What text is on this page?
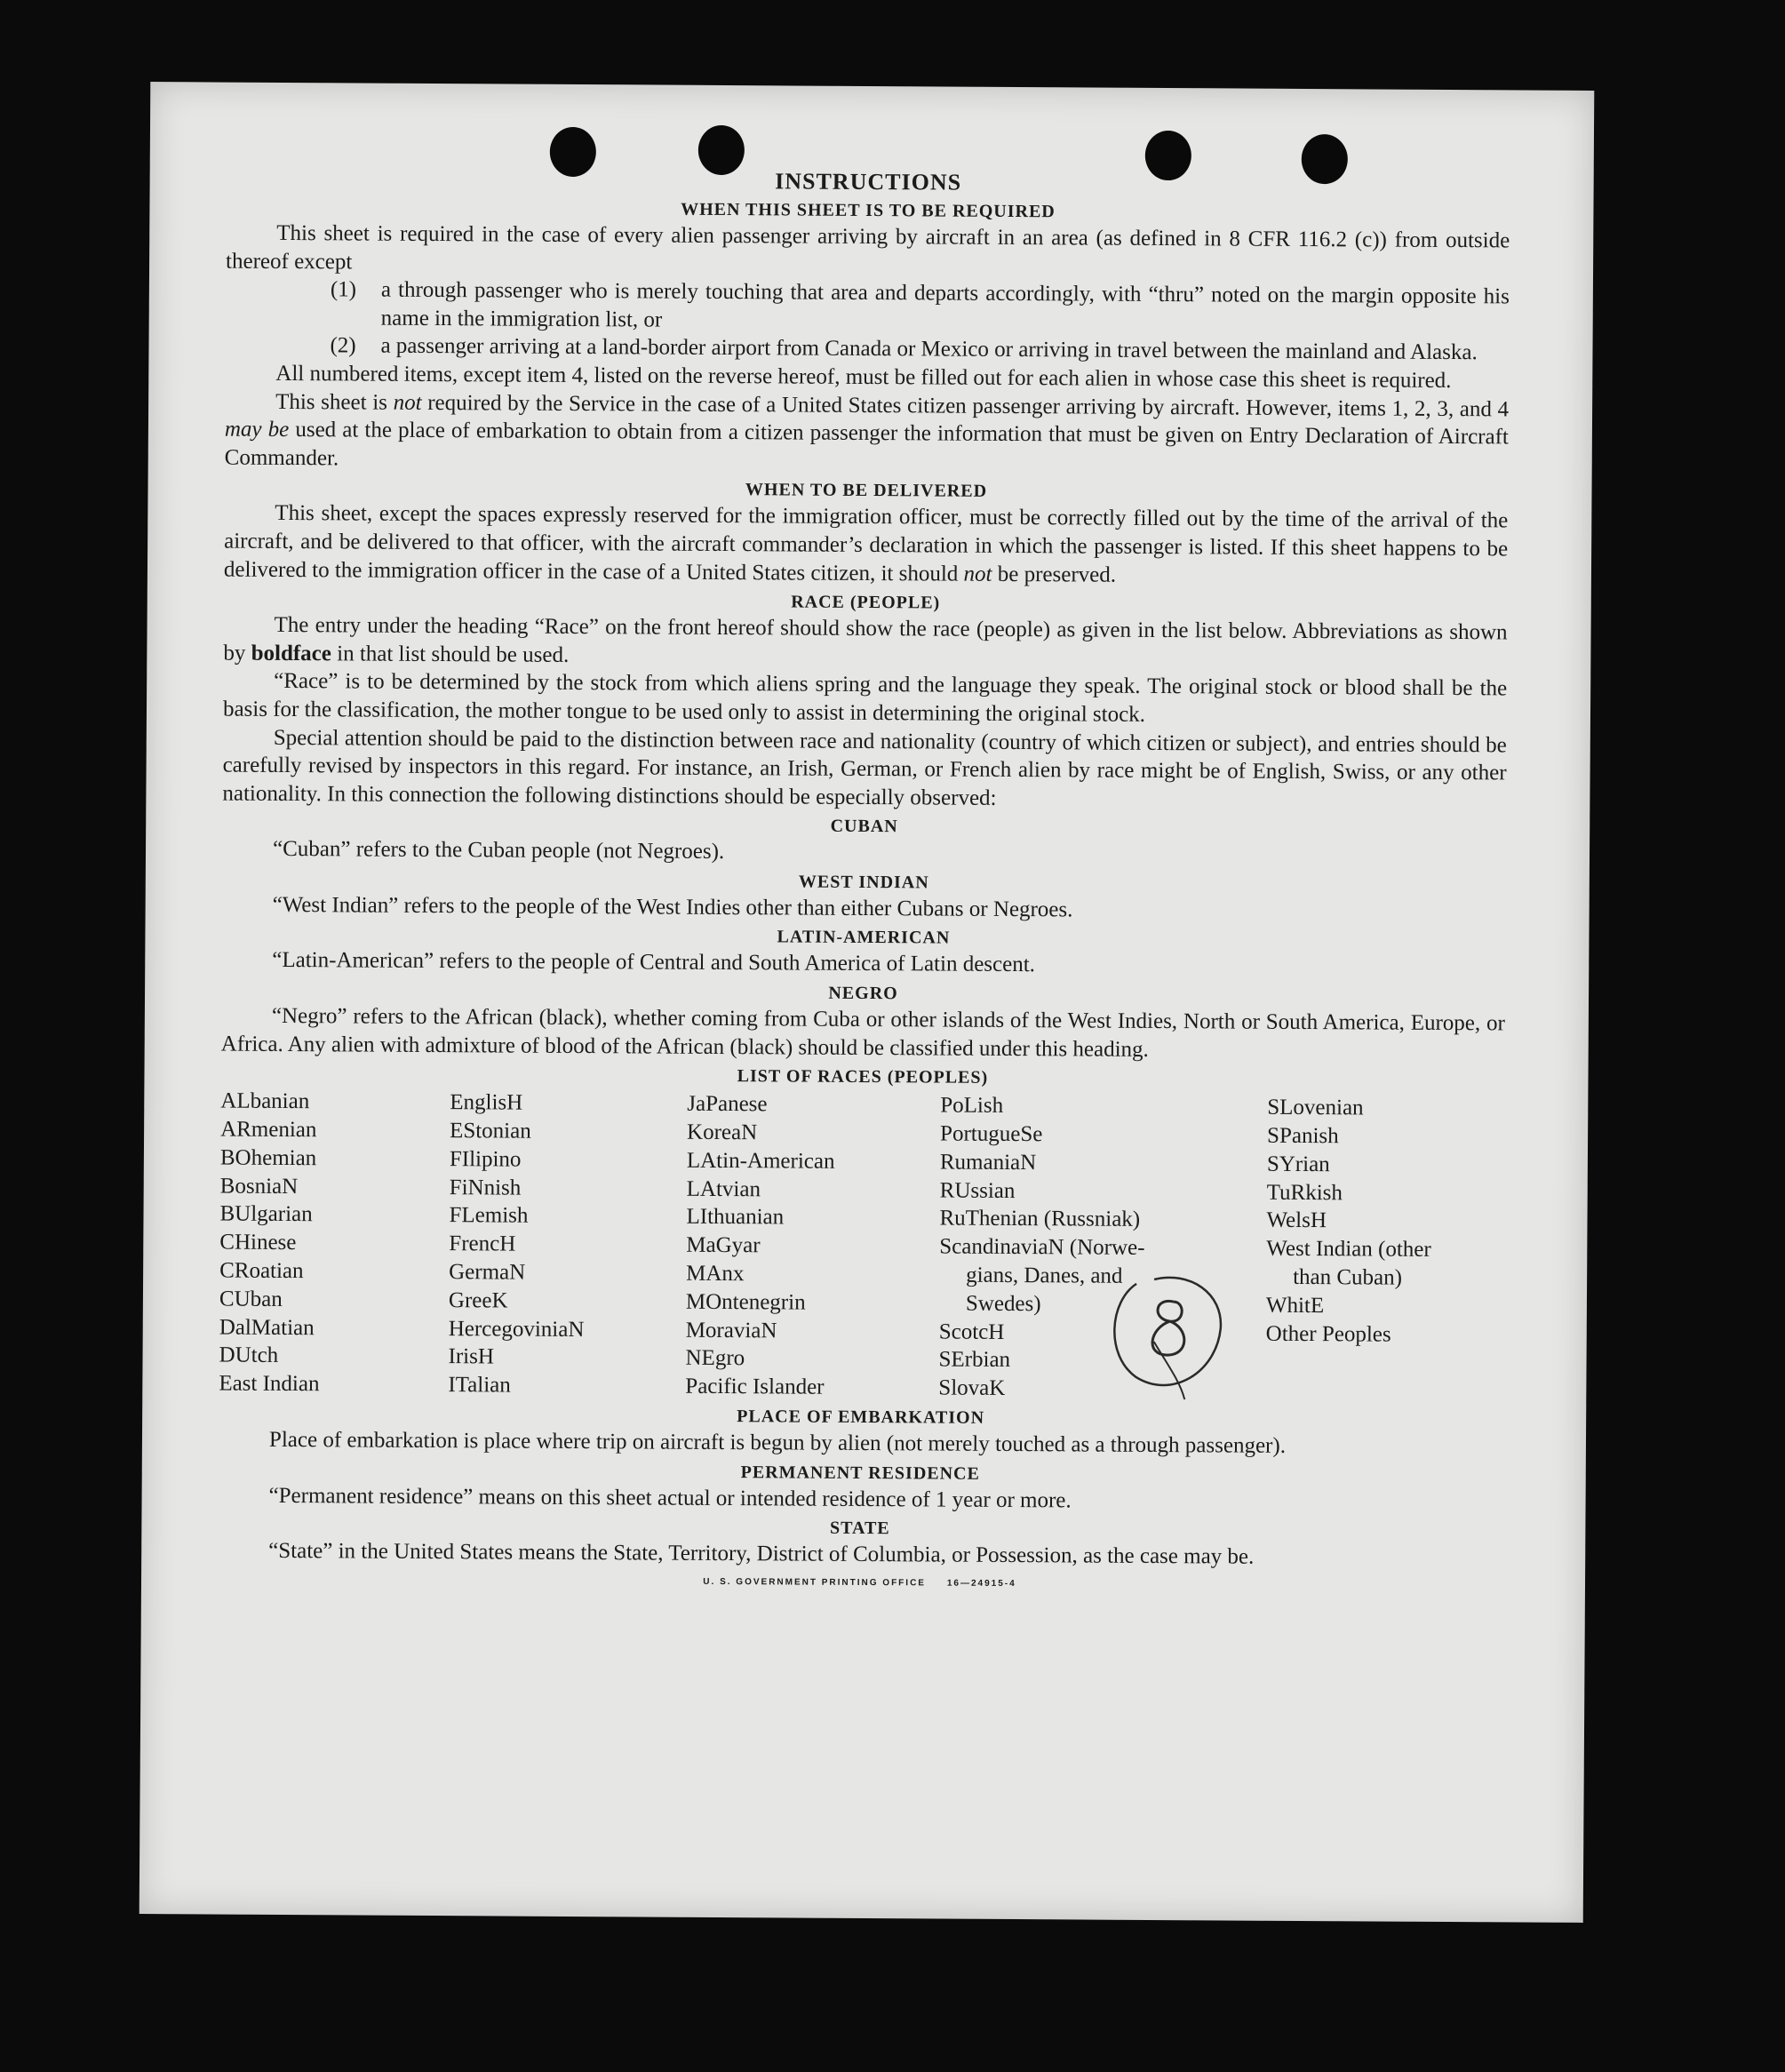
INSTRUCTIONS
WHEN THIS SHEET IS TO BE REQUIRED

This sheet is required in the case of every alien passenger arriving by aircraft in an area (as defined in 8 CFR 116.2 (c)) from outside thereof except

(1)	a through passenger who is merely touching that area and departs accordingly, with “thru” noted on the margin opposite his name in the immigration list, or
(2)	a passenger arriving at a land-border airport from Canada or Mexico or arriving in travel between the mainland and Alaska.

All numbered items, except item 4, listed on the reverse hereof, must be filled out for each alien in whose case this sheet is required.

This sheet is not required by the Service in the case of a United States citizen passenger arriving by aircraft. However, items 1, 2, 3, and 4 may be used at the place of embarkation to obtain from a citizen passenger the information that must be given on Entry Declaration of Aircraft Commander.

WHEN TO BE DELIVERED

This sheet, except the spaces expressly reserved for the immigration officer, must be correctly filled out by the time of the arrival of the aircraft, and be delivered to that officer, with the aircraft commander’s declaration in which the passenger is listed. If this sheet happens to be delivered to the immigration officer in the case of a United States citizen, it should not be preserved.

RACE (PEOPLE)

The entry under the heading “Race” on the front hereof should show the race (people) as given in the list below. Abbreviations as shown by boldface in that list should be used.

“Race” is to be determined by the stock from which aliens spring and the language they speak. The original stock or blood shall be the basis for the classification, the mother tongue to be used only to assist in determining the original stock.

Special attention should be paid to the distinction between race and nationality (country of which citizen or subject), and entries should be carefully revised by inspectors in this regard. For instance, an Irish, German, or French alien by race might be of English, Swiss, or any other nationality. In this connection the following distinctions should be especially observed:

CUBAN

“Cuban” refers to the Cuban people (not Negroes).

WEST INDIAN

“West Indian” refers to the people of the West Indies other than either Cubans or Negroes.

LATIN-AMERICAN

“Latin-American” refers to the people of Central and South America of Latin descent.

NEGRO

“Negro” refers to the African (black), whether coming from Cuba or other islands of the West Indies, North or South America, Europe, or Africa. Any alien with admixture of blood of the African (black) should be classified under this heading.

LIST OF RACES (PEOPLES)
ALbanian
ARmenian
BOhemian
BosniaN
BUlgarian
CHinese
CRoatian
CUban
DalMatian
DUtch
East Indian
EnglisH
EStonian
FIlipino
FiNnish
FLemish
FrencH
GermaN
GreeK
HercegoviniaN
IrisH
ITalian
JaPanese
KoreaN
LAtin-American
LAtvian
LIthuanian
MaGyar
MAnx
MOntenegrin
MoraviaN
NEgro
Pacific Islander
PoLish
PortugueSe
RumaniaN
RUssian
RuThenian (Russniak)
ScandinaviaN (Norwe-
gians, Danes, and
Swedes)
ScotcH
SErbian
SlovaK
SLovenian
SPanish
SYrian
TuRkish
WelsH
West Indian (other
than Cuban)
WhitE
Other Peoples
PLACE OF EMBARKATION

Place of embarkation is place where trip on aircraft is begun by alien (not merely touched as a through passenger).

PERMANENT RESIDENCE

“Permanent residence” means on this sheet actual or intended residence of 1 year or more.

STATE

“State” in the United States means the State, Territory, District of Columbia, or Possession, as the case may be.

U. S. GOVERNMENT PRINTING OFFICE     16—24915-4
